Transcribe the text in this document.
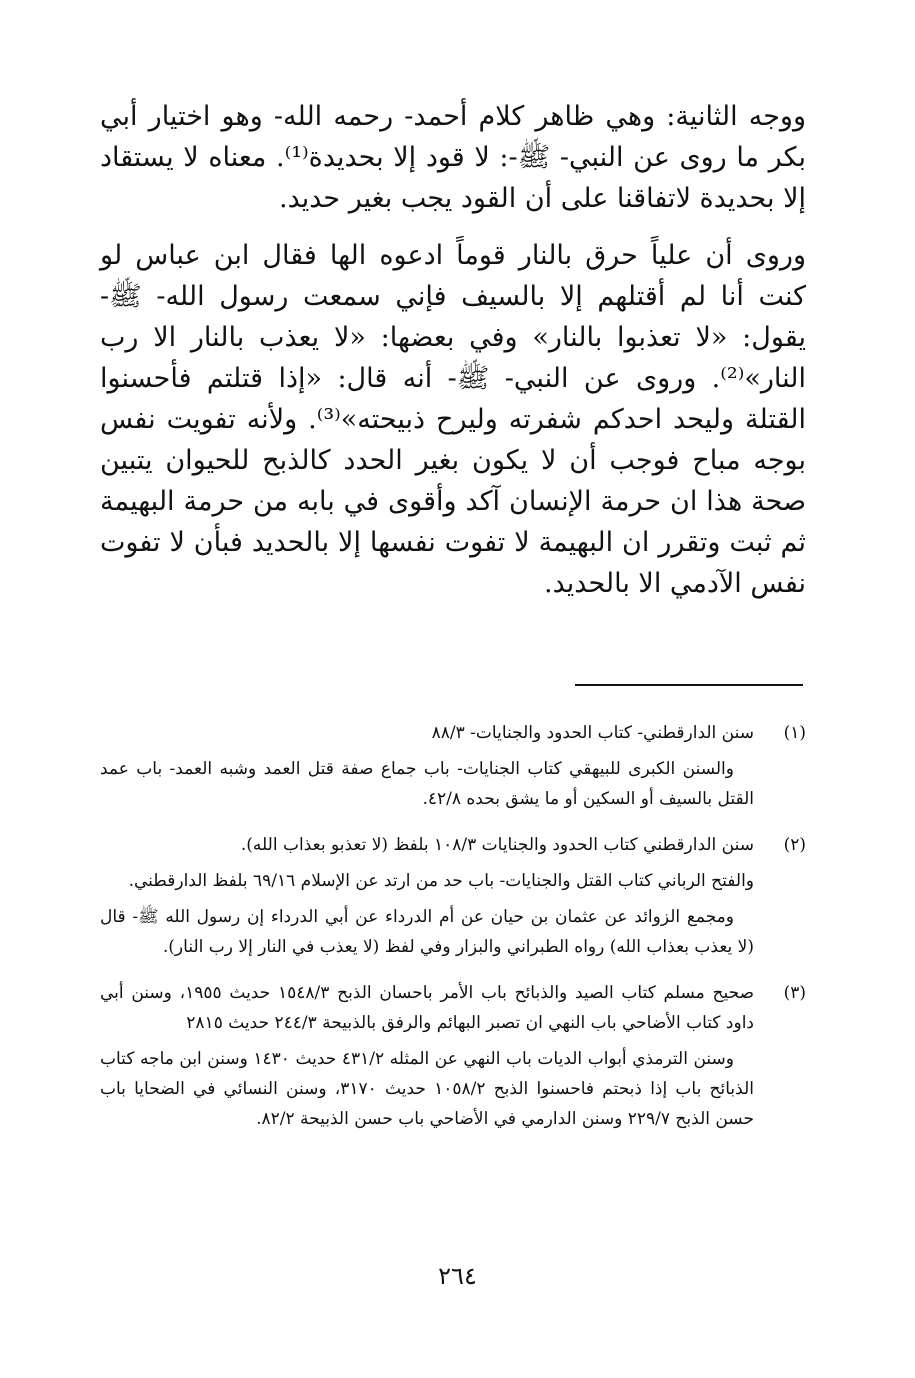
ووجه الثانية: وهي ظاهر كلام أحمد- رحمه الله- وهو اختيار أبي بكر ما روى عن النبي- ﷺ-: لا قود إلا بحديدة⁽¹⁾. معناه لا يستقاد إلا بحديدة لاتفاقنا على أن القود يجب بغير حديد.

وروى أن علياً حرق بالنار قوماً ادعوه الها فقال ابن عباس لو كنت أنا لم أقتلهم إلا بالسيف فإني سمعت رسول الله- ﷺ- يقول: «لا تعذبوا بالنار» وفي بعضها: «لا يعذب بالنار الا رب النار»⁽²⁾. وروى عن النبي- ﷺ- أنه قال: «إذا قتلتم فأحسنوا القتلة وليحد احدكم شفرته وليرح ذبيحته»⁽³⁾. ولأنه تفويت نفس بوجه مباح فوجب أن لا يكون بغير الحدد كالذبح للحيوان يتبين صحة هذا ان حرمة الإنسان آكد وأقوى في بابه من حرمة البهيمة ثم ثبت وتقرر ان البهيمة لا تفوت نفسها إلا بالحديد فبأن لا تفوت نفس الآدمي الا بالحديد.

(١)

سنن الدارقطني- كتاب الحدود والجنايات- ٨٨/٣

والسنن الكبرى للبيهقي كتاب الجنايات- باب جماع صفة قتل العمد وشبه العمد- باب عمد القتل بالسيف أو السكين أو ما يشق بحده ٤٢/٨.

(٢)

سنن الدارقطني كتاب الحدود والجنايات ١٠٨/٣ بلفظ (لا تعذبو بعذاب الله).

والفتح الرباني كتاب القتل والجنايات- باب حد من ارتد عن الإسلام ٦٩/١٦ بلفظ الدارقطني.

ومجمع الزوائد عن عثمان بن حيان عن أم الدرداء عن أبي الدرداء إن رسول الله ﷺ- قال (لا يعذب بعذاب الله) رواه الطبراني والبزار وفي لفظ (لا يعذب في النار إلا رب النار).

(٣)

صحيح مسلم كتاب الصيد والذبائح باب الأمر باحسان الذبح ١٥٤٨/٣ حديث ١٩٥٥، وسنن أبي داود كتاب الأضاحي باب النهي ان تصبر البهائم والرفق بالذبيحة ٢٤٤/٣ حديث ٢٨١٥

وسنن الترمذي أبواب الديات باب النهي عن المثله ٤٣١/٢ حديث ١٤٣٠ وسنن ابن ماجه كتاب الذبائح باب إذا ذبحتم فاحسنوا الذبح ١٠٥٨/٢ حديث ٣١٧٠، وسنن النسائي في الضحايا باب حسن الذبح ٢٢٩/٧ وسنن الدارمي في الأضاحي باب حسن الذبيحة ٨٢/٢.

٢٦٤
